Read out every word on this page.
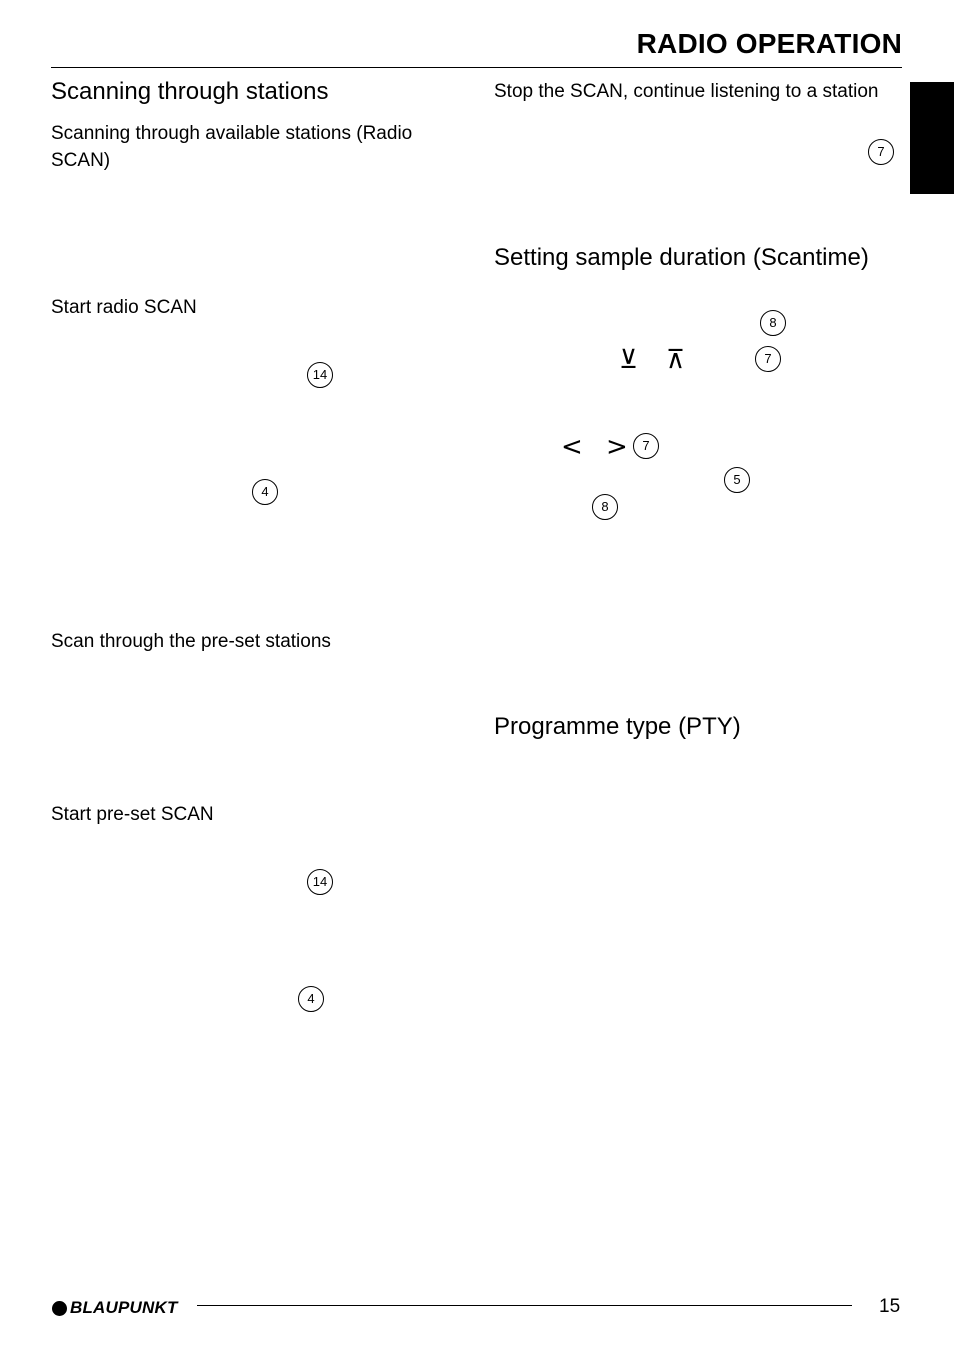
RADIO OPERATION
Scanning through stations
Scanning through available stations (Radio SCAN)
Start radio SCAN
14
4
Scan through the pre-set stations
Start pre-set SCAN
14
4
Stop the SCAN, continue listening to a station
7
Setting sample duration (Scantime)
8
⊻ ⊼	7
< >	7
5
8
Programme type (PTY)
BLAUPUNKT	15
